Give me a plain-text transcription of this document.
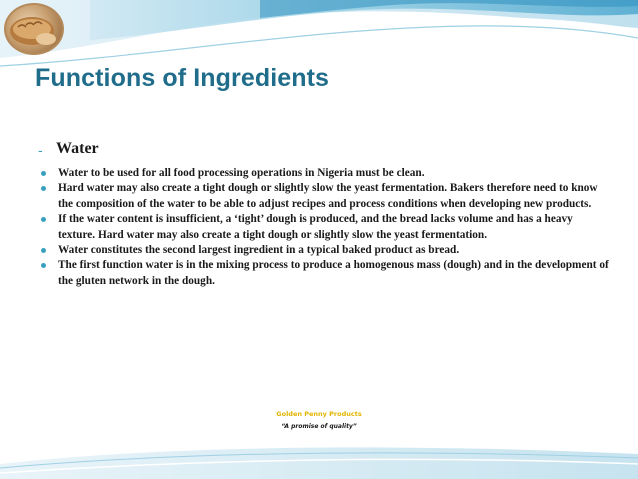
Functions of Ingredients
- Water
Water to be used for all food processing operations in Nigeria must be clean.
Hard water may also create a tight dough or slightly slow the yeast fermentation. Bakers therefore need to know the composition of the water to be able to adjust recipes and process conditions when developing new products.
If the water content is insufficient, a ‘tight’ dough is produced, and the bread lacks volume and has a heavy texture. Hard water may also create a tight dough or slightly slow the yeast fermentation.
Water constitutes the second largest ingredient in a typical baked product as bread.
The first function water is in the mixing process to produce a homogenous mass (dough) and in the development of the gluten network in the dough.
Golden Penny Products
“A promise of quality”
